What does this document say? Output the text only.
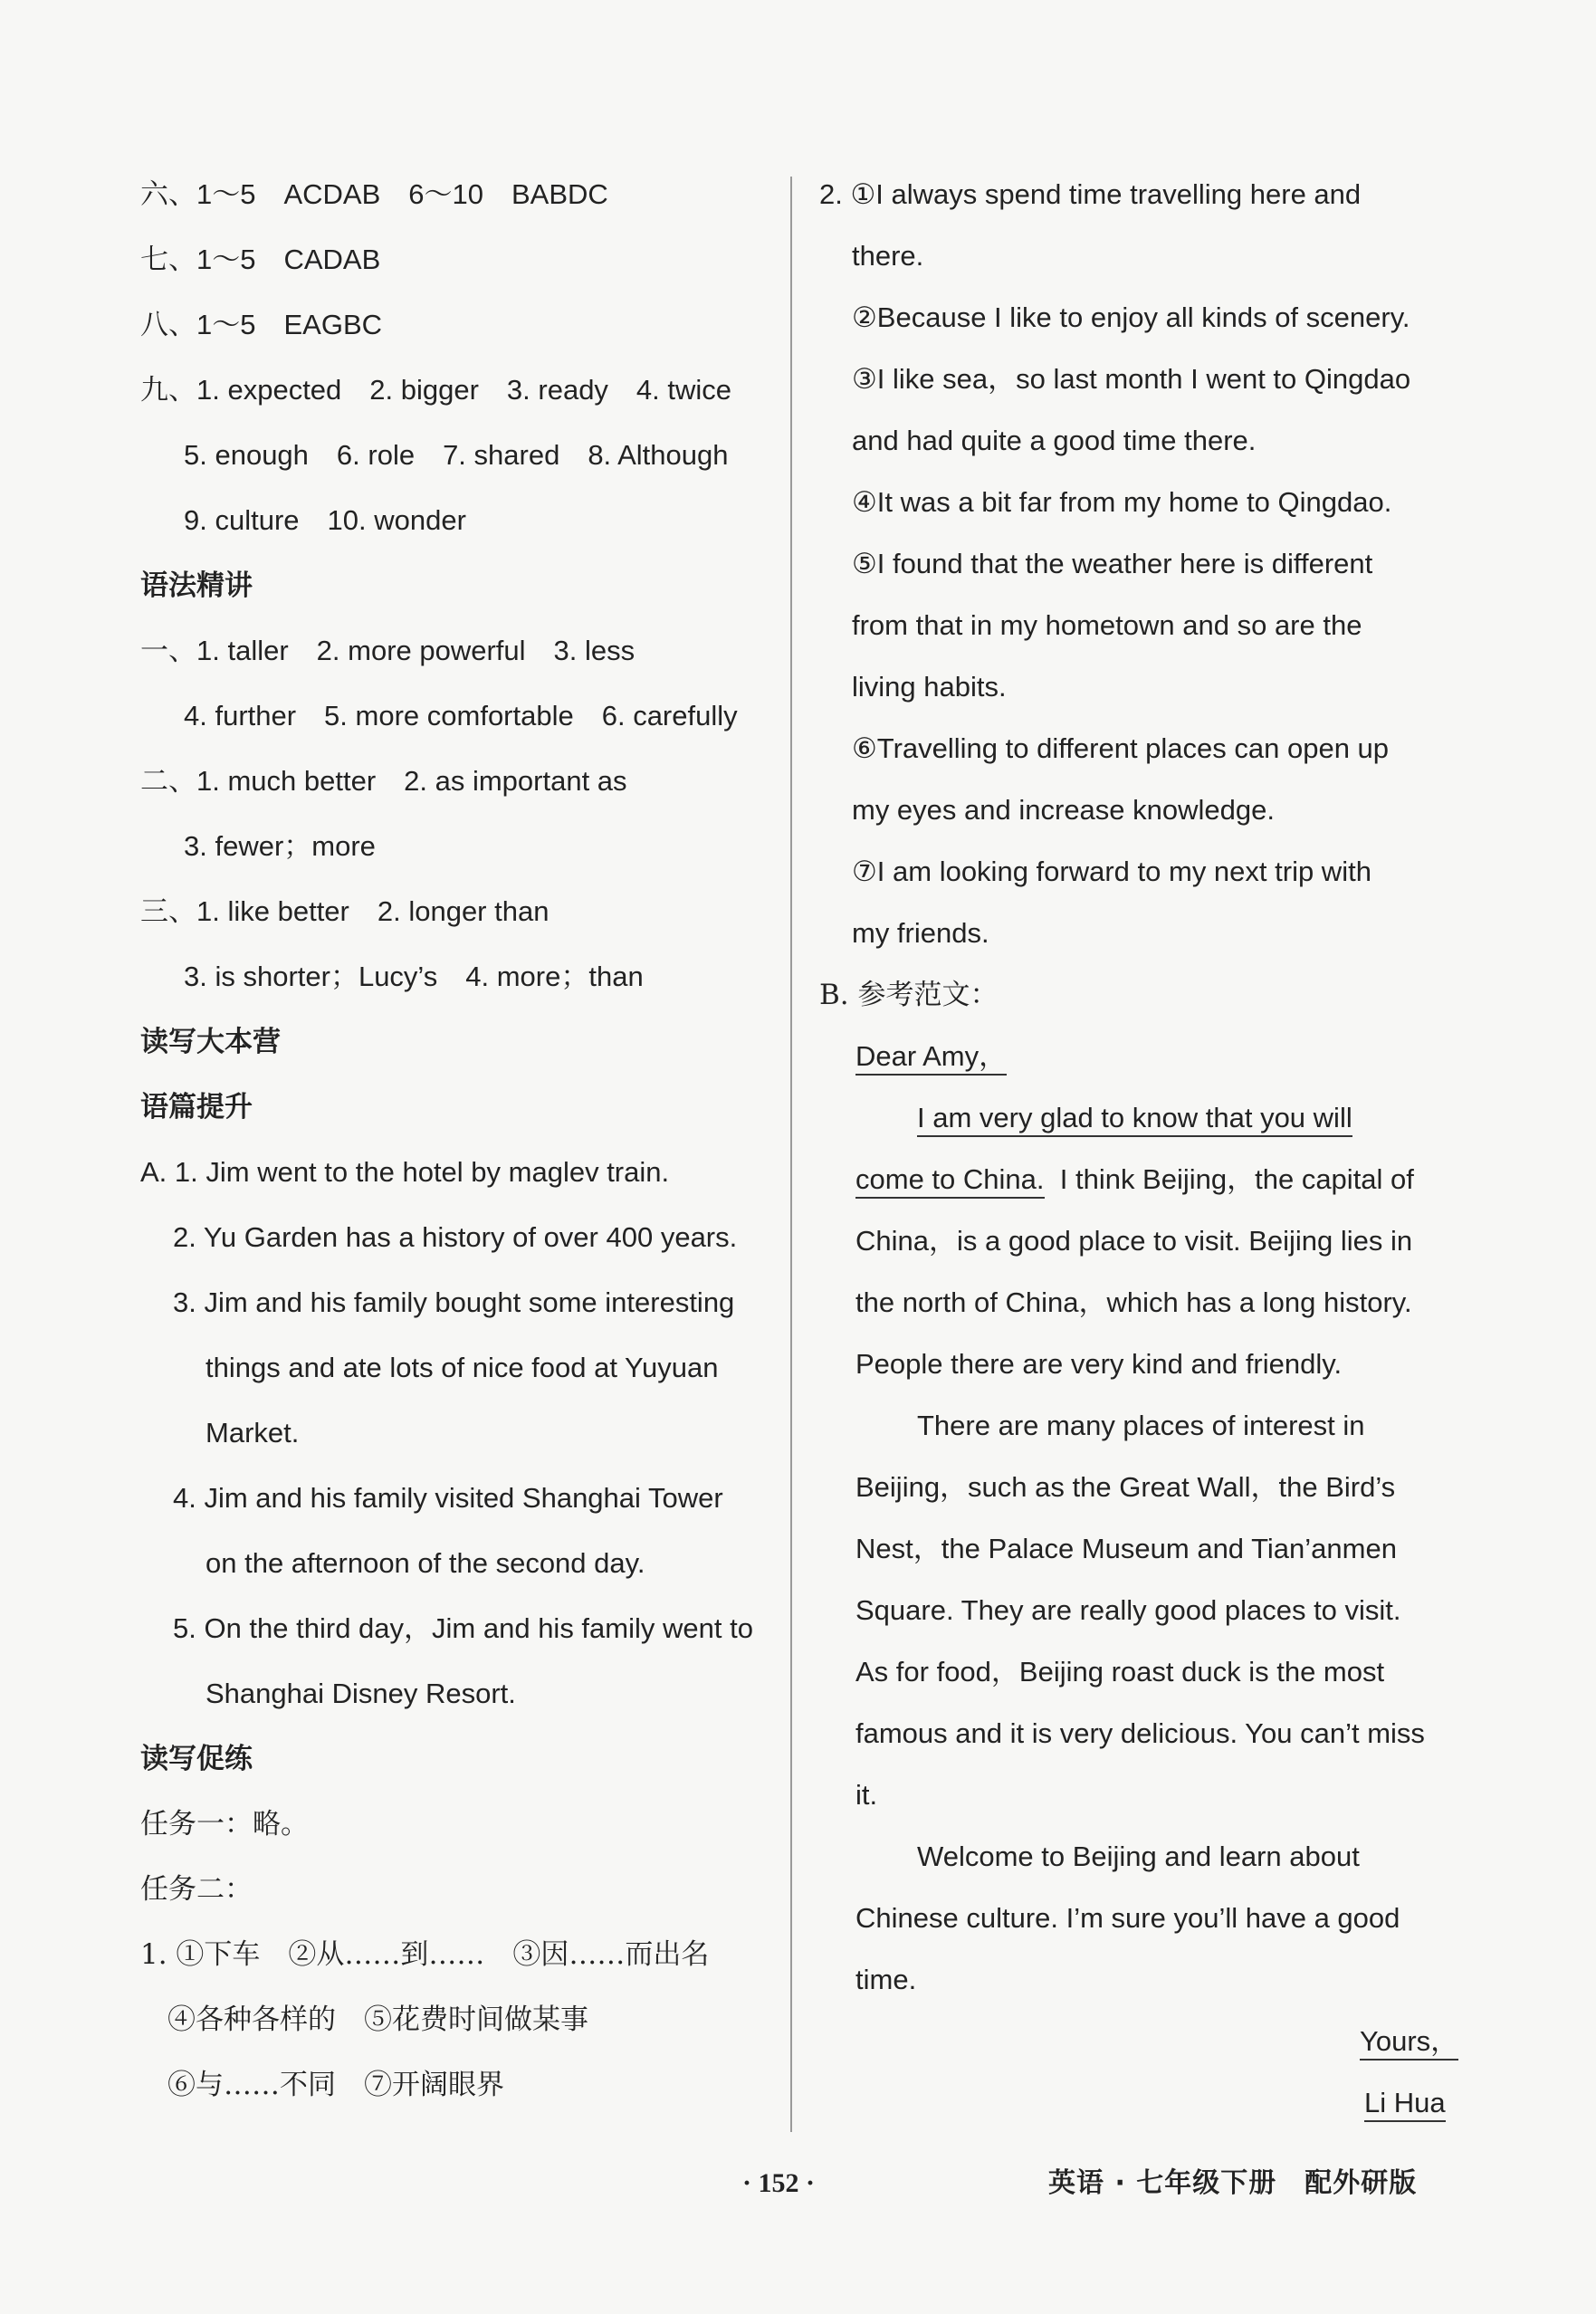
六、1～5　ACDAB　6～10　BABDC
七、1～5　CADAB
八、1～5　EAGBC
九、1. expected　2. bigger　3. ready　4. twice
5. enough　6. role　7. shared　8. Although
9. culture　10. wonder
语法精讲
一、1. taller　2. more powerful　3. less
4. further　5. more comfortable　6. carefully
二、1. much better　2. as important as
3. fewer；more
三、1. like better　2. longer than
3. is shorter；Lucy’s　4. more；than
读写大本营
语篇提升
A. 1. Jim went to the hotel by maglev train.
2. Yu Garden has a history of over 400 years.
3. Jim and his family bought some interesting
things and ate lots of nice food at Yuyuan
Market.
4. Jim and his family visited Shanghai Tower
on the afternoon of the second day.
5. On the third day，Jim and his family went to
Shanghai Disney Resort.
读写促练
任务一：略。
任务二：
1. ①下车　②从……到……　③因……而出名
④各种各样的　⑤花费时间做某事
⑥与……不同　⑦开阔眼界
2. ①I always spend time travelling here and
there.
②Because I like to enjoy all kinds of scenery.
③I like sea，so last month I went to Qingdao
and had quite a good time there.
④It was a bit far from my home to Qingdao.
⑤I found that the weather here is different
from that in my hometown and so are the
living habits.
⑥Travelling to different places can open up
my eyes and increase knowledge.
⑦I am looking forward to my next trip with
my friends.
B. 参考范文：
Dear Amy，
I am very glad to know that you will
come to China. I think Beijing，the capital of
China，is a good place to visit. Beijing lies in
the north of China，which has a long history.
People there are very kind and friendly.
There are many places of interest in
Beijing，such as the Great Wall，the Bird’s
Nest，the Palace Museum and Tian’anmen
Square. They are really good places to visit.
As for food，Beijing roast duck is the most
famous and it is very delicious. You can’t miss
it.
Welcome to Beijing and learn about
Chinese culture. I’m sure you’ll have a good
time.
Yours，
Li Hua
· 152 ·	英语 · 七年级下册　配外研版
